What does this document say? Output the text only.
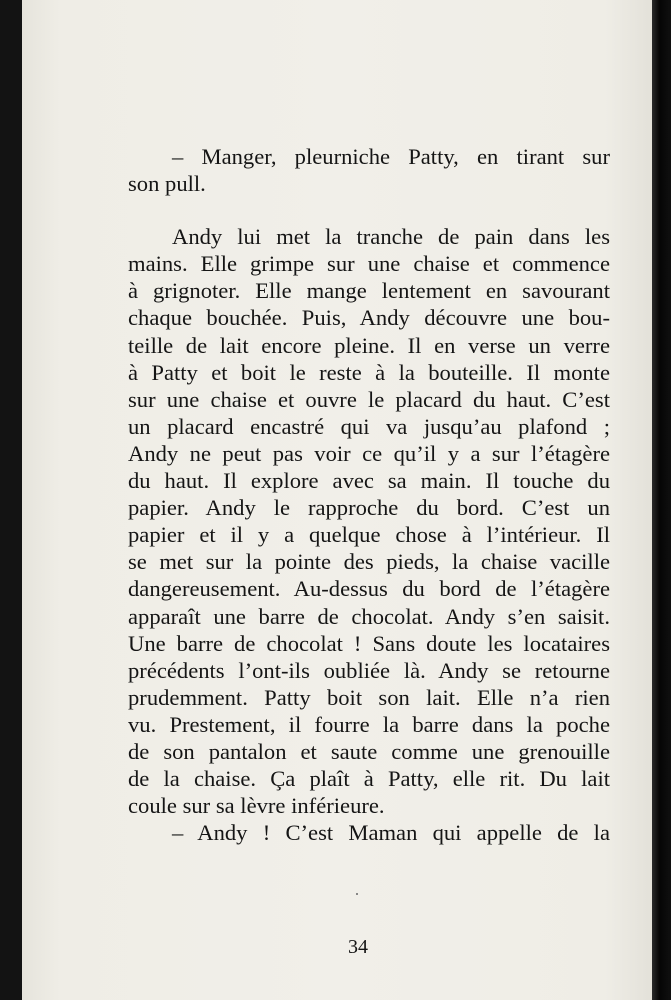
– Manger, pleurniche Patty, en tirant sur
son pull.
Andy lui met la tranche de pain dans les
mains. Elle grimpe sur une chaise et commence
à grignoter. Elle mange lentement en savourant
chaque bouchée. Puis, Andy découvre une bou-
teille de lait encore pleine. Il en verse un verre
à Patty et boit le reste à la bouteille. Il monte
sur une chaise et ouvre le placard du haut. C’est
un placard encastré qui va jusqu’au plafond ;
Andy ne peut pas voir ce qu’il y a sur l’étagère
du haut. Il explore avec sa main. Il touche du
papier. Andy le rapproche du bord. C’est un
papier et il y a quelque chose à l’intérieur. Il
se met sur la pointe des pieds, la chaise vacille
dangereusement. Au-dessus du bord de l’étagère
apparaît une barre de chocolat. Andy s’en saisit.
Une barre de chocolat ! Sans doute les locataires
précédents l’ont-ils oubliée là. Andy se retourne
prudemment. Patty boit son lait. Elle n’a rien
vu. Prestement, il fourre la barre dans la poche
de son pantalon et saute comme une grenouille
de la chaise. Ça plaît à Patty, elle rit. Du lait
coule sur sa lèvre inférieure.
– Andy ! C’est Maman qui appelle de la
34
